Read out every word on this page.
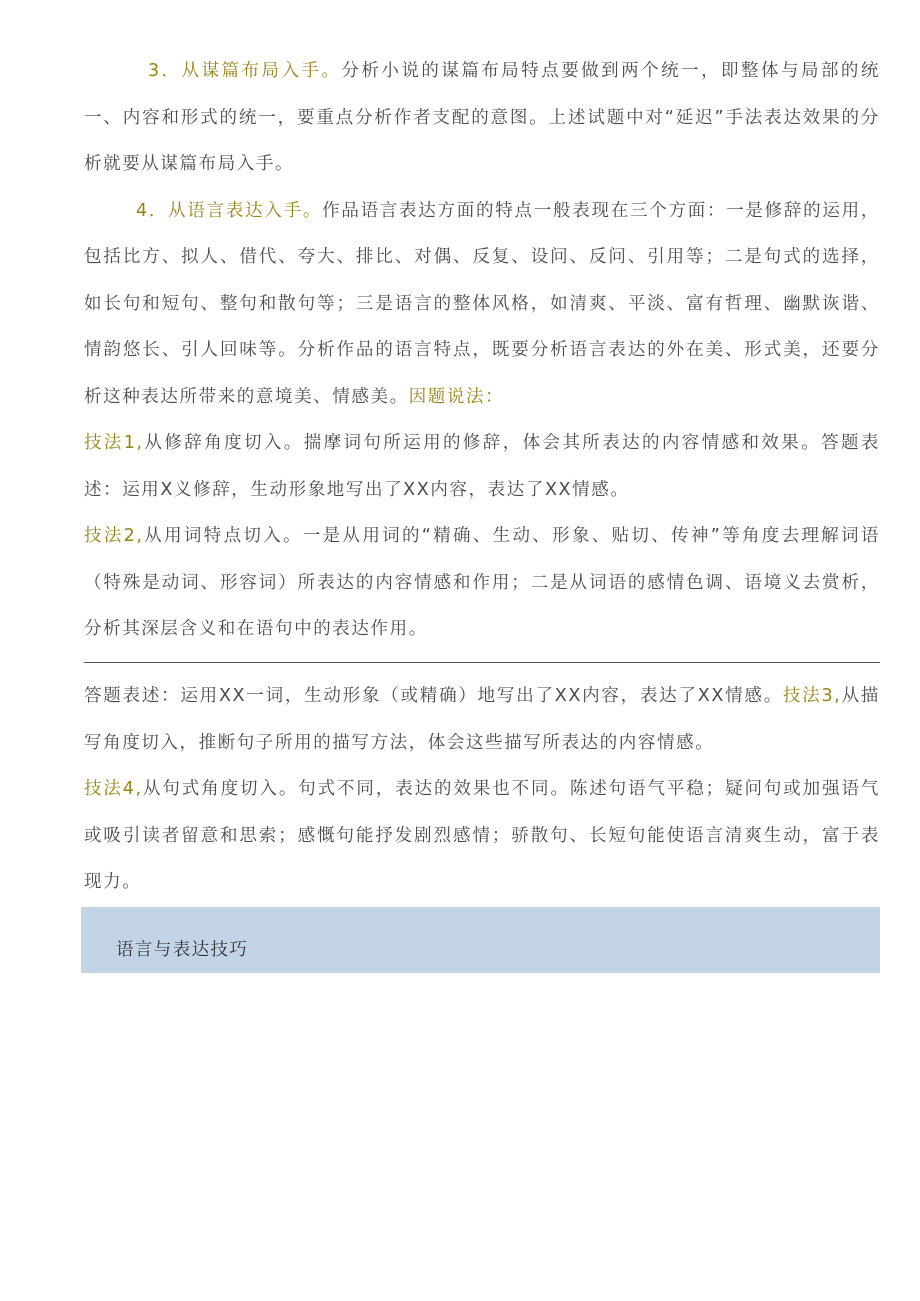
3．从谋篇布局入手。分析小说的谋篇布局特点要做到两个统一，即整体与局部的统一、内容和形式的统一，要重点分析作者支配的意图。上述试题中对“延迟”手法表达效果的分析就要从谋篇布局入手。

4．从语言表达入手。作品语言表达方面的特点一般表现在三个方面：一是修辞的运用，包括比方、拟人、借代、夸大、排比、对偶、反复、设问、反问、引用等；二是句式的选择，如长句和短句、整句和散句等；三是语言的整体风格，如清爽、平淡、富有哲理、幽默诙谐、情韵悠长、引人回味等。分析作品的语言特点，既要分析语言表达的外在美、形式美，还要分析这种表达所带来的意境美、情感美。因题说法：

技法1,从修辞角度切入。揣摩词句所运用的修辞，体会其所表达的内容情感和效果。答题表述：运用X义修辞，生动形象地写出了XX内容，表达了XX情感。

技法2,从用词特点切入。一是从用词的“精确、生动、形象、贴切、传神”等角度去理解词语（特殊是动词、形容词）所表达的内容情感和作用；二是从词语的感情色调、语境义去赏析，分析其深层含义和在语句中的表达作用。

答题表述：运用XX一词，生动形象（或精确）地写出了XX内容，表达了XX情感。技法3,从描写角度切入，推断句子所用的描写方法，体会这些描写所表达的内容情感。

技法4,从句式角度切入。句式不同，表达的效果也不同。陈述句语气平稳；疑问句或加强语气或吸引读者留意和思索；感慨句能抒发剧烈感情；骄散句、长短句能使语言清爽生动，富于表现力。

语言与表达技巧
